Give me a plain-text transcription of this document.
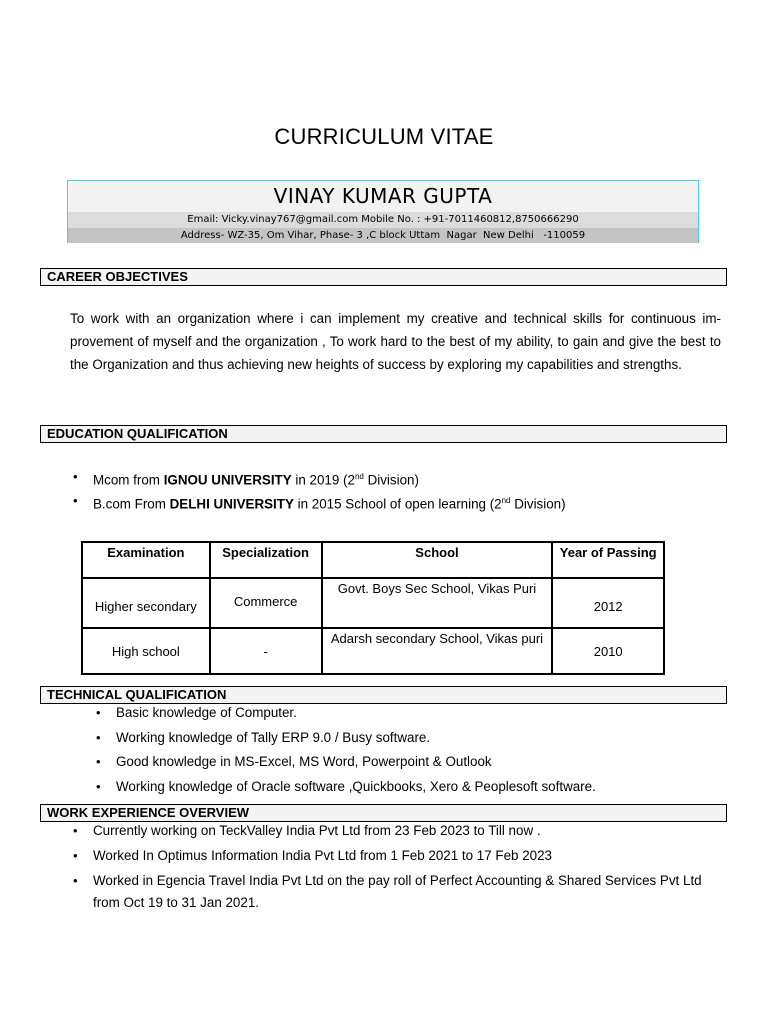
CURRICULUM VITAE
VINAY KUMAR GUPTA
Email: Vicky.vinay767@gmail.com Mobile No. : +91-7011460812,8750666290
Address- WZ-35, Om Vihar, Phase- 3 ,C block Uttam  Nagar  New Delhi   -110059
CAREER OBJECTIVES
To work with an organization where i can implement my creative and technical skills for continuous im-provement of myself and the organization , To work hard to the best of my ability, to gain and give the best to the Organization and thus achieving new heights of success by exploring my capabilities and strengths.
EDUCATION QUALIFICATION
• Mcom from IGNOU UNIVERSITY in 2019 (2nd Division)
• B.com From DELHI UNIVERSITY in 2015 School of open learning (2nd Division)
Examination	Specialization	School	Year of Passing
Higher secondary	Commerce	Govt. Boys Sec School, Vikas Puri	2012
High school	-	Adarsh secondary School, Vikas puri	2010
TECHNICAL QUALIFICATION
• Basic knowledge of Computer.
• Working knowledge of Tally ERP 9.0 / Busy software.
• Good knowledge in MS-Excel, MS Word, Powerpoint & Outlook
• Working knowledge of Oracle software ,Quickbooks, Xero & Peoplesoft software.
WORK EXPERIENCE OVERVIEW
• Currently working on TeckValley India Pvt Ltd from 23 Feb 2023 to Till now .
• Worked In Optimus Information India Pvt Ltd from 1 Feb 2021 to 17 Feb 2023
• Worked in Egencia Travel India Pvt Ltd on the pay roll of Perfect Accounting & Shared Services Pvt Ltd from Oct 19 to 31 Jan 2021.
